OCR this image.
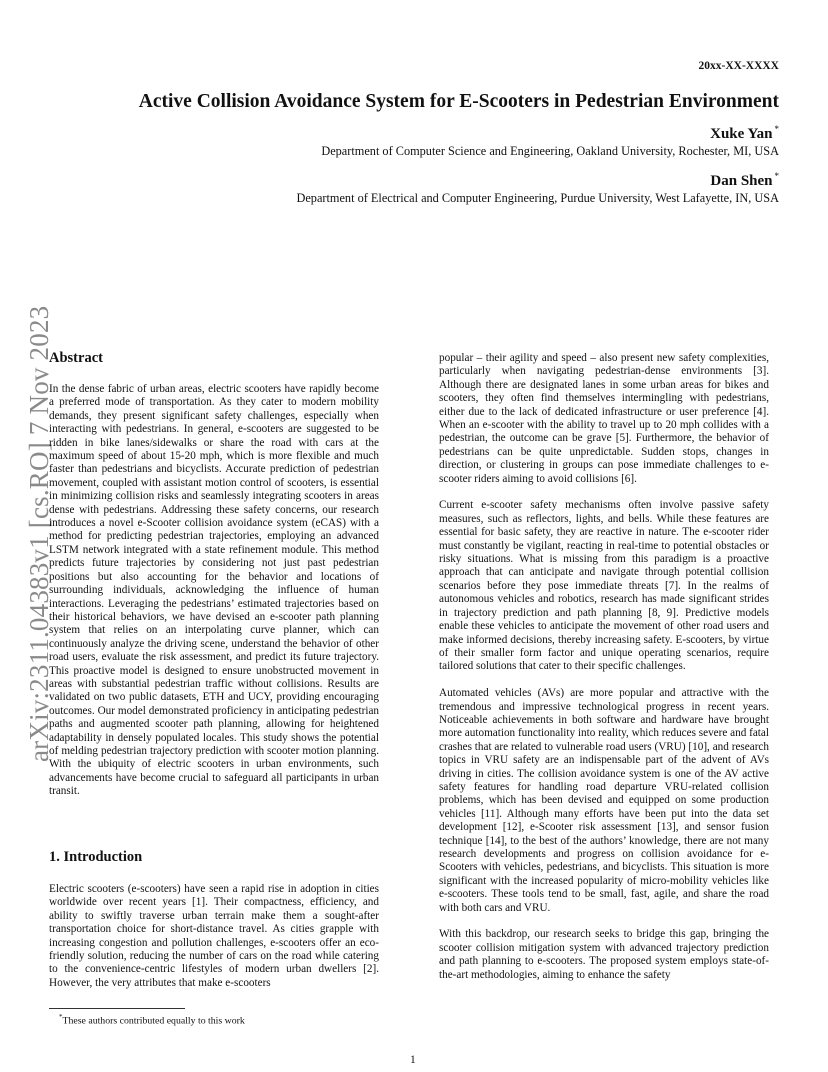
20xx-XX-XXXX
Active Collision Avoidance System for E-Scooters in Pedestrian Environment
Xuke Yan *
Department of Computer Science and Engineering, Oakland University, Rochester, MI, USA
Dan Shen *
Department of Electrical and Computer Engineering, Purdue University, West Lafayette, IN, USA
arXiv:2311.04383v1 [cs.RO] 7 Nov 2023
Abstract

In the dense fabric of urban areas, electric scooters have rapidly become a preferred mode of transportation. As they cater to modern mobility demands, they present significant safety challenges, especially when interacting with pedestrians. In general, e-scooters are suggested to be ridden in bike lanes/sidewalks or share the road with cars at the maximum speed of about 15-20 mph, which is more flexible and much faster than pedestrians and bicyclists. Accurate prediction of pedestrian movement, coupled with assistant motion control of scooters, is essential in minimizing collision risks and seamlessly integrating scooters in areas dense with pedestrians. Addressing these safety concerns, our research introduces a novel e-Scooter collision avoidance system (eCAS) with a method for predicting pedestrian trajectories, employing an advanced LSTM network integrated with a state refinement module. This method predicts future trajectories by considering not just past pedestrian positions but also accounting for the behavior and locations of surrounding individuals, acknowledging the influence of human interactions. Leveraging the pedestrians’ estimated trajectories based on their historical behaviors, we have devised an e-scooter path planning system that relies on an interpolating curve planner, which can continuously analyze the driving scene, understand the behavior of other road users, evaluate the risk assessment, and predict its future trajectory. This proactive model is designed to ensure unobstructed movement in areas with substantial pedestrian traffic without collisions. Results are validated on two public datasets, ETH and UCY, providing encouraging outcomes. Our model demonstrated proficiency in anticipating pedestrian paths and augmented scooter path planning, allowing for heightened adaptability in densely populated locales. This study shows the potential of melding pedestrian trajectory prediction with scooter motion planning. With the ubiquity of electric scooters in urban environments, such advancements have become crucial to safeguard all participants in urban transit.

1. Introduction

Electric scooters (e-scooters) have seen a rapid rise in adoption in cities worldwide over recent years [1]. Their compactness, efficiency, and ability to swiftly traverse urban terrain make them a sought-after transportation choice for short-distance travel. As cities grapple with increasing congestion and pollution challenges, e-scooters offer an eco-friendly solution, reducing the number of cars on the road while catering to the convenience-centric lifestyles of modern urban dwellers [2]. However, the very attributes that make e-scooters

popular – their agility and speed – also present new safety complexities, particularly when navigating pedestrian-dense environments [3]. Although there are designated lanes in some urban areas for bikes and scooters, they often find themselves intermingling with pedestrians, either due to the lack of dedicated infrastructure or user preference [4]. When an e-scooter with the ability to travel up to 20 mph collides with a pedestrian, the outcome can be grave [5]. Furthermore, the behavior of pedestrians can be quite unpredictable. Sudden stops, changes in direction, or clustering in groups can pose immediate challenges to e-scooter riders aiming to avoid collisions [6].

Current e-scooter safety mechanisms often involve passive safety measures, such as reflectors, lights, and bells. While these features are essential for basic safety, they are reactive in nature. The e-scooter rider must constantly be vigilant, reacting in real-time to potential obstacles or risky situations. What is missing from this paradigm is a proactive approach that can anticipate and navigate through potential collision scenarios before they pose immediate threats [7]. In the realms of autonomous vehicles and robotics, research has made significant strides in trajectory prediction and path planning [8, 9]. Predictive models enable these vehicles to anticipate the movement of other road users and make informed decisions, thereby increasing safety. E-scooters, by virtue of their smaller form factor and unique operating scenarios, require tailored solutions that cater to their specific challenges.

Automated vehicles (AVs) are more popular and attractive with the tremendous and impressive technological progress in recent years. Noticeable achievements in both software and hardware have brought more automation functionality into reality, which reduces severe and fatal crashes that are related to vulnerable road users (VRU) [10], and research topics in VRU safety are an indispensable part of the advent of AVs driving in cities. The collision avoidance system is one of the AV active safety features for handling road departure VRU-related collision problems, which has been devised and equipped on some production vehicles [11]. Although many efforts have been put into the data set development [12], e-Scooter risk assessment [13], and sensor fusion technique [14], to the best of the authors’ knowledge, there are not many research developments and progress on collision avoidance for e-Scooters with vehicles, pedestrians, and bicyclists. This situation is more significant with the increased popularity of micro-mobility vehicles like e-scooters. These tools tend to be small, fast, agile, and share the road with both cars and VRU.

With this backdrop, our research seeks to bridge this gap, bringing the scooter collision mitigation system with advanced trajectory prediction and path planning to e-scooters. The proposed system employs state-of-the-art methodologies, aiming to enhance the safety

*These authors contributed equally to this work
1
